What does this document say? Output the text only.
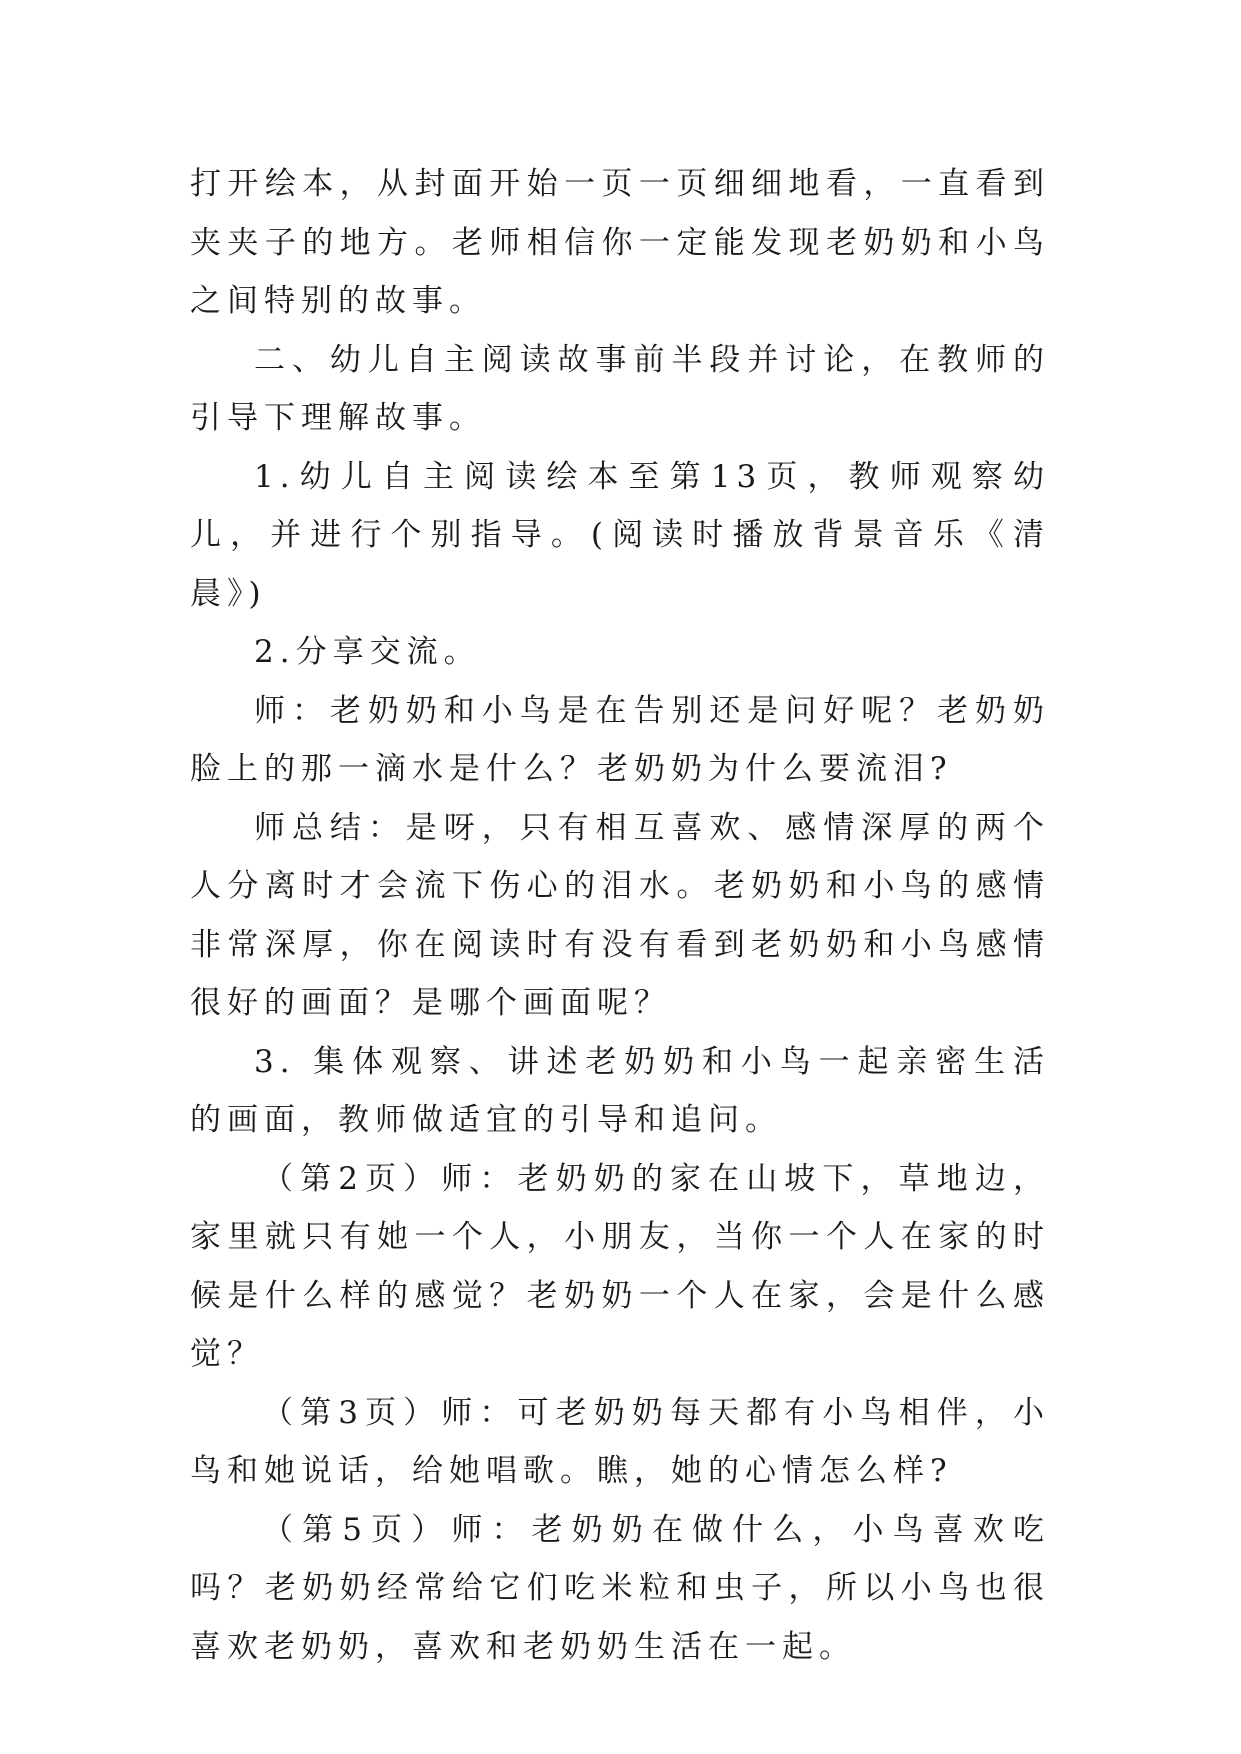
打开绘本，从封面开始一页一页细细地看，一直看到夹夹子的地方。老师相信你一定能发现老奶奶和小鸟之间特别的故事。

二、幼儿自主阅读故事前半段并讨论，在教师的引导下理解故事。

1.幼儿自主阅读绘本至第13页，教师观察幼儿，并进行个别指导。(阅读时播放背景音乐《清晨》)

2.分享交流。

师：老奶奶和小鸟是在告别还是问好呢？老奶奶脸上的那一滴水是什么？老奶奶为什么要流泪?

师总结：是呀，只有相互喜欢、感情深厚的两个人分离时才会流下伤心的泪水。老奶奶和小鸟的感情非常深厚，你在阅读时有没有看到老奶奶和小鸟感情很好的画面？是哪个画面呢？

3. 集体观察、讲述老奶奶和小鸟一起亲密生活的画面，教师做适宜的引导和追问。

（第2页）师：老奶奶的家在山坡下，草地边，家里就只有她一个人，小朋友，当你一个人在家的时候是什么样的感觉？老奶奶一个人在家，会是什么感觉？

（第3页）师：可老奶奶每天都有小鸟相伴，小鸟和她说话，给她唱歌。瞧，她的心情怎么样?

（第5页）师：老奶奶在做什么，小鸟喜欢吃吗？老奶奶经常给它们吃米粒和虫子，所以小鸟也很喜欢老奶奶，喜欢和老奶奶生活在一起。
